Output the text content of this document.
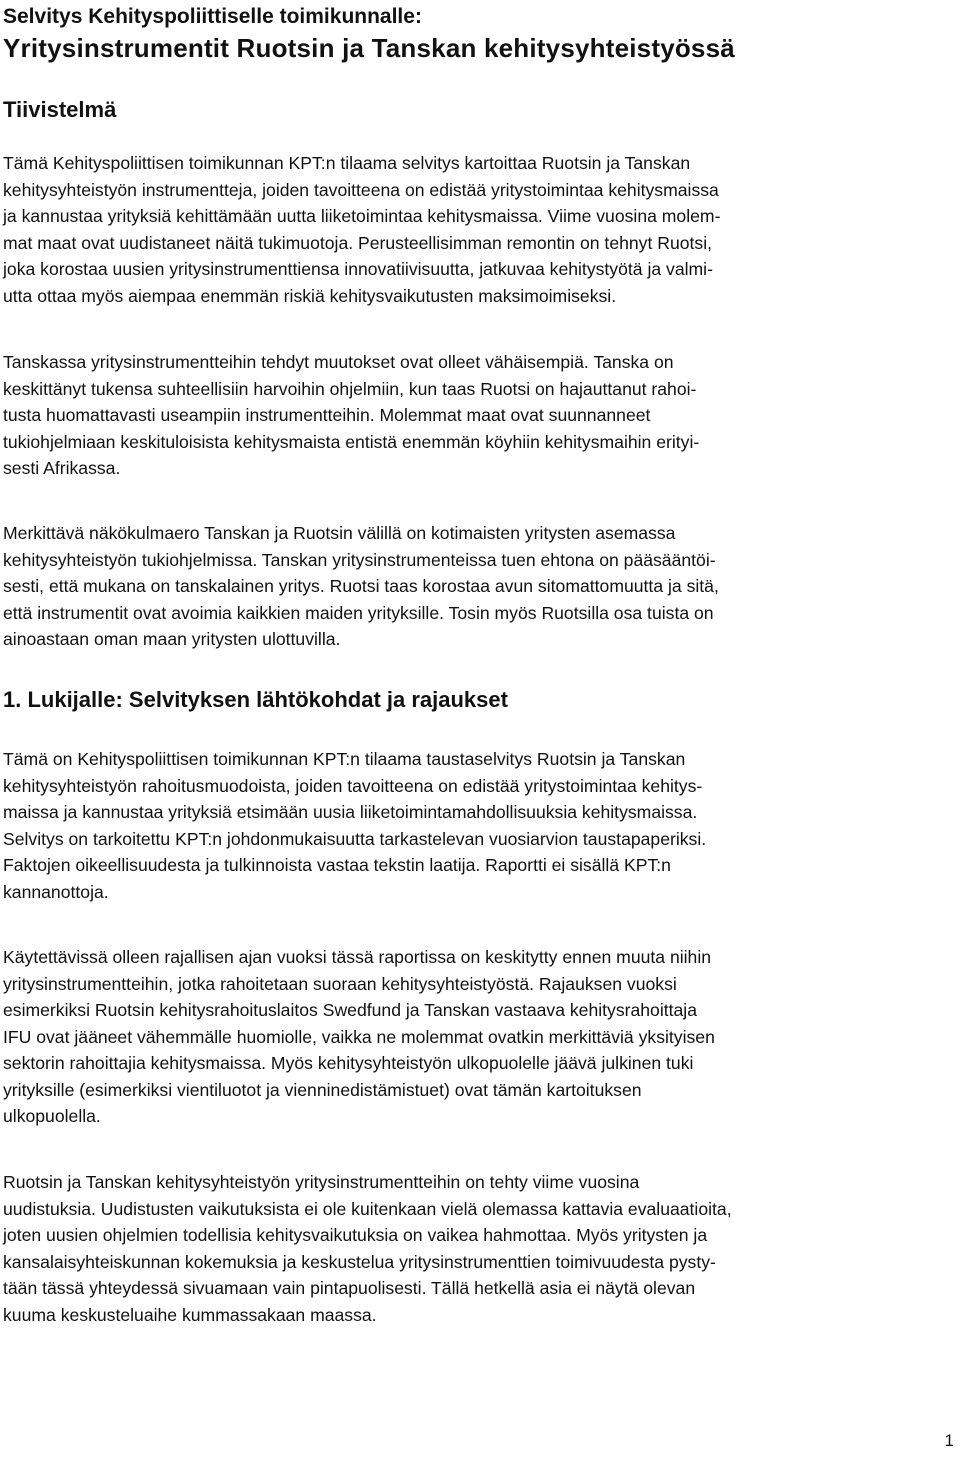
Selvitys Kehityspoliittiselle toimikunnalle:
Yritysinstrumentit Ruotsin ja Tanskan kehitysyhteistyössä
Tiivistelmä
Tämä Kehityspoliittisen toimikunnan KPT:n tilaama selvitys kartoittaa Ruotsin ja Tanskan
kehitysyhteistyön instrumentteja, joiden tavoitteena on edistää yritystoimintaa kehitysmaissa
ja kannustaa yrityksiä kehittämään uutta liiketoimintaa kehitysmaissa. Viime vuosina molem-
mat maat ovat uudistaneet näitä tukimuotoja. Perusteellisimman remontin on tehnyt Ruotsi,
joka korostaa uusien yritysinstrumenttiensa innovatiivisuutta, jatkuvaa kehitystyötä ja valmi-
utta ottaa myös aiempaa enemmän riskiä kehitysvaikutusten maksimoimiseksi.
Tanskassa yritysinstrumentteihin tehdyt muutokset ovat olleet vähäisempiä. Tanska on
keskittänyt tukensa suhteellisiin harvoihin ohjelmiin, kun taas Ruotsi on hajauttanut rahoi-
tusta huomattavasti useampiin instrumentteihin. Molemmat maat ovat suunnanneet
tukiohjelmiaan keskituloisista kehitysmaista entistä enemmän köyhiin kehitysmaihin erityi-
sesti Afrikassa.
Merkittävä näkökulmaero Tanskan ja Ruotsin välillä on kotimaisten yritysten asemassa
kehitysyhteistyön tukiohjelmissa. Tanskan yritysinstrumenteissa tuen ehtona on pääsääntöi-
sesti, että mukana on tanskalainen yritys. Ruotsi taas korostaa avun sitomattomuutta ja sitä,
että instrumentit ovat avoimia kaikkien maiden yrityksille. Tosin myös Ruotsilla osa tuista on
ainoastaan oman maan yritysten ulottuvilla.
1. Lukijalle: Selvityksen lähtökohdat ja rajaukset
Tämä on Kehityspoliittisen toimikunnan KPT:n tilaama taustaselvitys Ruotsin ja Tanskan
kehitysyhteistyön rahoitusmuodoista, joiden tavoitteena on edistää yritystoimintaa kehitys-
maissa ja kannustaa yrityksiä etsimään uusia liiketoimintamahdollisuuksia kehitysmaissa.
Selvitys on tarkoitettu KPT:n johdonmukaisuutta tarkastelevan vuosiarvion taustapaperiksi.
Faktojen oikeellisuudesta ja tulkinnoista vastaa tekstin laatija. Raportti ei sisällä KPT:n
kannanottoja.
Käytettävissä olleen rajallisen ajan vuoksi tässä raportissa on keskitytty ennen muuta niihin
yritysinstrumentteihin, jotka rahoitetaan suoraan kehitysyhteistyöstä. Rajauksen vuoksi
esimerkiksi Ruotsin kehitysrahoituslaitos Swedfund ja Tanskan vastaava kehitysrahoittaja
IFU ovat jääneet vähemmälle huomiolle, vaikka ne molemmat ovatkin merkittäviä yksityisen
sektorin rahoittajia kehitysmaissa. Myös kehitysyhteistyön ulkopuolelle jäävä julkinen tuki
yrityksille (esimerkiksi vientiluotot ja vienninedistämistuet) ovat tämän kartoituksen
ulkopuolella.
Ruotsin ja Tanskan kehitysyhteistyön yritysinstrumentteihin on tehty viime vuosina
uudistuksia. Uudistusten vaikutuksista ei ole kuitenkaan vielä olemassa kattavia evaluaatioita,
joten uusien ohjelmien todellisia kehitysvaikutuksia on vaikea hahmottaa. Myös yritysten ja
kansalaisyhteiskunnan kokemuksia ja keskustelua yritysinstrumenttien toimivuudesta pysty-
tään tässä yhteydessä sivuamaan vain pintapuolisesti. Tällä hetkellä asia ei näytä olevan
kuuma keskusteluaihe kummassakaan maassa.
1
